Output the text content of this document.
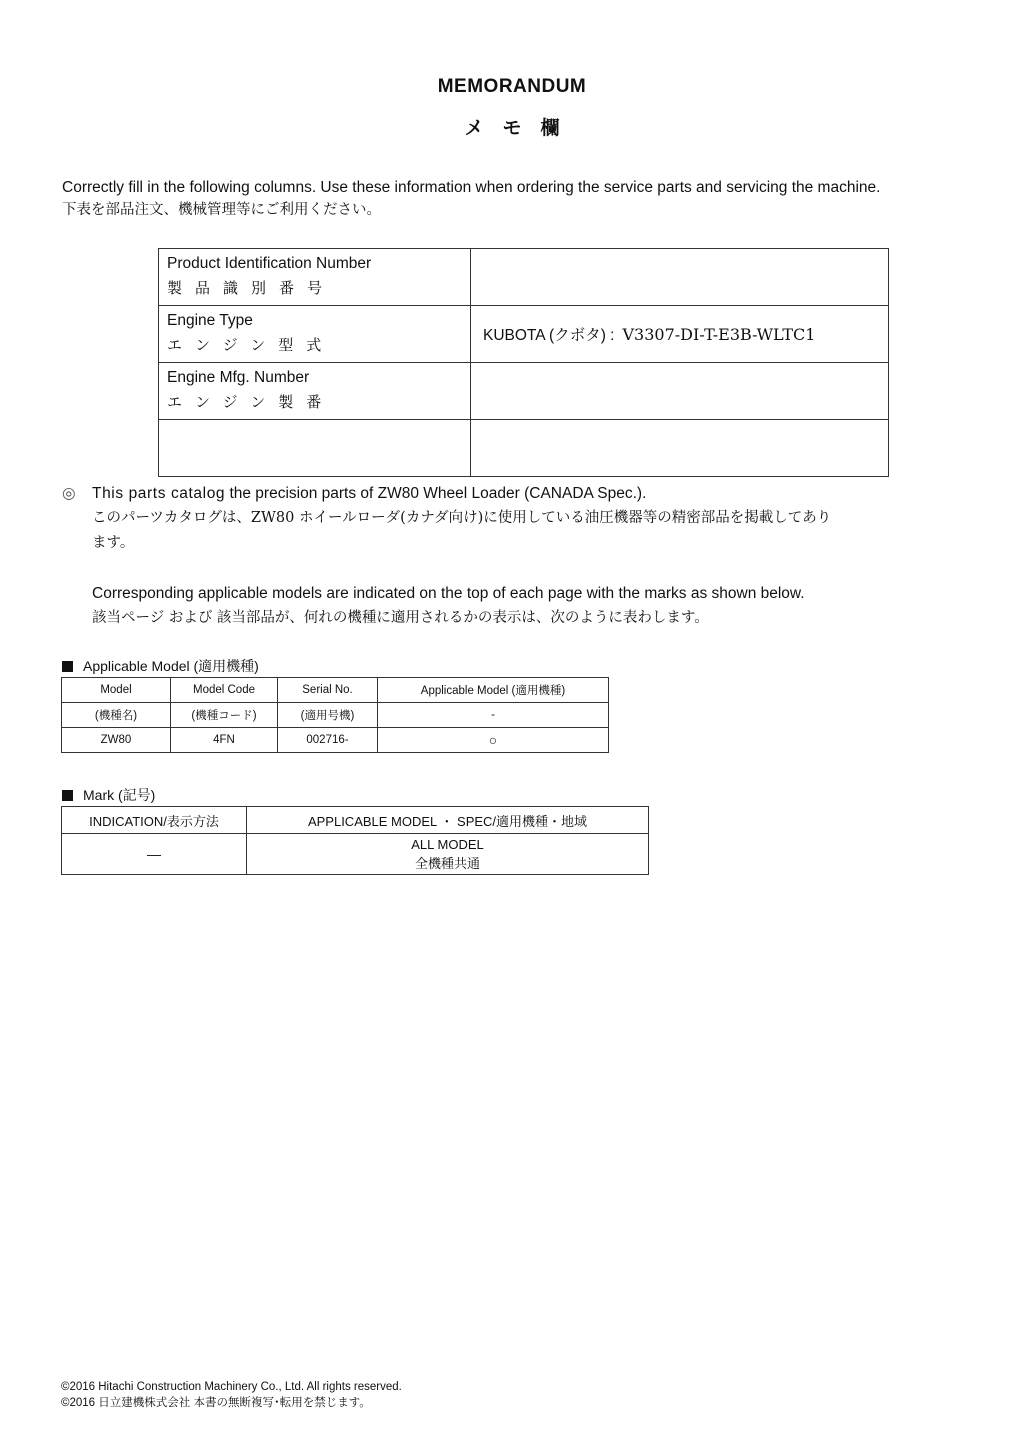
MEMORANDUM
メ　モ　欄
Correctly fill in the following columns. Use these information when ordering the service parts and servicing the machine.
下表を部品注文、機械管理等にご利用ください。
Product Identification Number
製品識別番号	

Engine Type
エンジン型式	KUBOTA (クボタ) : V3307-DI-T-E3B-WLTC1

Engine Mfg. Number
エンジン製番	

◎ This parts catalog the precision parts of ZW80 Wheel Loader (CANADA Spec.).
このパーツカタログは、ZW80 ホイールローダ(カナダ向け)に使用している油圧機器等の精密部品を掲載してあり
ます。
Corresponding applicable models are indicated on the top of each page with the marks as shown below.
該当ページ および 該当部品が、何れの機種に適用されるかの表示は、次のように表わします。
Applicable Model (適用機種)
Model	Model Code	Serial No.	Applicable Model (適用機種)
(機種名)	(機種コード)	(適用号機)	-
ZW80	4FN	002716-	○
Mark (記号)
INDICATION/表示方法	APPLICABLE MODEL ・ SPEC/適用機種・地域
—	ALL MODEL
全機種共通
©2016 Hitachi Construction Machinery Co., Ltd. All rights reserved.
©2016 日立建機株式会社 本書の無断複写･転用を禁じます。
